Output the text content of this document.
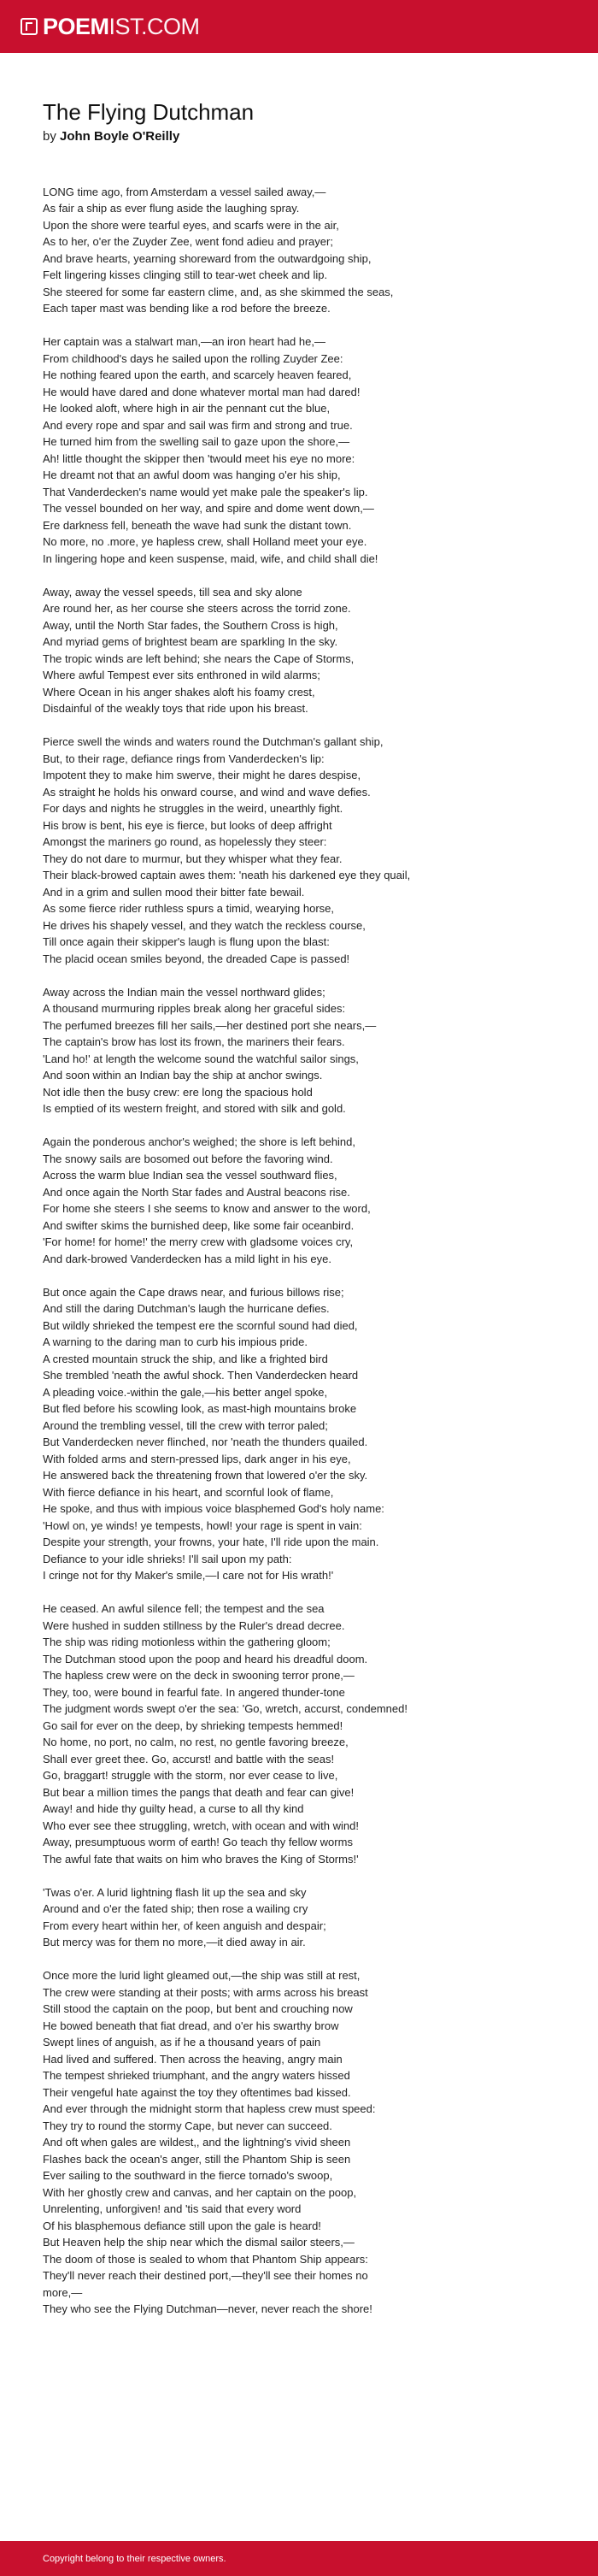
POEMIST.COM
The Flying Dutchman
by John Boyle O'Reilly
LONG time ago, from Amsterdam a vessel sailed away,—
As fair a ship as ever flung aside the laughing spray.
Upon the shore were tearful eyes, and scarfs were in the air,
As to her, o'er the Zuyder Zee, went fond adieu and prayer;
And brave hearts, yearning shoreward from the outwardgoing ship,
Felt lingering kisses clinging still to tear-wet cheek and lip.
She steered for some far eastern clime, and, as she skimmed the seas,
Each taper mast was bending like a rod before the breeze.
Her captain was a stalwart man,—an iron heart had he,—
From childhood's days he sailed upon the rolling Zuyder Zee:
He nothing feared upon the earth, and scarcely heaven feared,
He would have dared and done whatever mortal man had dared!
He looked aloft, where high in air the pennant cut the blue,
And every rope and spar and sail was firm and strong and true.
He turned him from the swelling sail to gaze upon the shore,—
Ah! little thought the skipper then 'twould meet his eye no more:
He dreamt not that an awful doom was hanging o'er his ship,
That Vanderdecken's name would yet make pale the speaker's lip.
The vessel bounded on her way, and spire and dome went down,—
Ere darkness fell, beneath the wave had sunk the distant town.
No more, no .more, ye hapless crew, shall Holland meet your eye.
In lingering hope and keen suspense, maid, wife, and child shall die!
Away, away the vessel speeds, till sea and sky alone
Are round her, as her course she steers across the torrid zone.
Away, until the North Star fades, the Southern Cross is high,
And myriad gems of brightest beam are sparkling In the sky.
The tropic winds are left behind; she nears the Cape of Storms,
Where awful Tempest ever sits enthroned in wild alarms;
Where Ocean in his anger shakes aloft his foamy crest,
Disdainful of the weakly toys that ride upon his breast.
Pierce swell the winds and waters round the Dutchman's gallant ship,
But, to their rage, defiance rings from Vanderdecken's lip:
Impotent they to make him swerve, their might he dares despise,
As straight he holds his onward course, and wind and wave defies.
For days and nights he struggles in the weird, unearthly fight.
His brow is bent, his eye is fierce, but looks of deep affright
Amongst the mariners go round, as hopelessly they steer:
They do not dare to murmur, but they whisper what they fear.
Their black-browed captain awes them: 'neath his darkened eye they quail,
And in a grim and sullen mood their bitter fate bewail.
As some fierce rider ruthless spurs a timid, wearying horse,
He drives his shapely vessel, and they watch the reckless course,
Till once again their skipper's laugh is flung upon the blast:
The placid ocean smiles beyond, the dreaded Cape is passed!
Away across the Indian main the vessel northward glides;
A thousand murmuring ripples break along her graceful sides:
The perfumed breezes fill her sails,—her destined port she nears,—
The captain's brow has lost its frown, the mariners their fears.
'Land ho!' at length the welcome sound the watchful sailor sings,
And soon within an Indian bay the ship at anchor swings.
Not idle then the busy crew: ere long the spacious hold
Is emptied of its western freight, and stored with silk and gold.
Again the ponderous anchor's weighed; the shore is left behind,
The snowy sails are bosomed out before the favoring wind.
Across the warm blue Indian sea the vessel southward flies,
And once again the North Star fades and Austral beacons rise.
For home she steers I she seems to know and answer to the word,
And swifter skims the burnished deep, like some fair oceanbird.
'For home! for home!' the merry crew with gladsome voices cry,
And dark-browed Vanderdecken has a mild light in his eye.
But once again the Cape draws near, and furious billows rise;
And still the daring Dutchman's laugh the hurricane defies.
But wildly shrieked the tempest ere the scornful sound had died,
A warning to the daring man to curb his impious pride.
A crested mountain struck the ship, and like a frighted bird
She trembled 'neath the awful shock. Then Vanderdecken heard
A pleading voice.-within the gale,—his better angel spoke,
But fled before his scowling look, as mast-high mountains broke
Around the trembling vessel, till the crew with terror paled;
But Vanderdecken never flinched, nor 'neath the thunders quailed.
With folded arms and stern-pressed lips, dark anger in his eye,
He answered back the threatening frown that lowered o'er the sky.
With fierce defiance in his heart, and scornful look of flame,
He spoke, and thus with impious voice blasphemed God's holy name:
'Howl on, ye winds! ye tempests, howl! your rage is spent in vain:
Despite your strength, your frowns, your hate, I'll ride upon the main.
Defiance to your idle shrieks! I'll sail upon my path:
I cringe not for thy Maker's smile,—I care not for His wrath!'
He ceased. An awful silence fell; the tempest and the sea
Were hushed in sudden stillness by the Ruler's dread decree.
The ship was riding motionless within the gathering gloom;
The Dutchman stood upon the poop and heard his dreadful doom.
The hapless crew were on the deck in swooning terror prone,—
They, too, were bound in fearful fate. In angered thunder-tone
The judgment words swept o'er the sea: 'Go, wretch, accurst, condemned!
Go sail for ever on the deep, by shrieking tempests hemmed!
No home, no port, no calm, no rest, no gentle favoring breeze,
Shall ever greet thee. Go, accurst! and battle with the seas!
Go, braggart! struggle with the storm, nor ever cease to live,
But bear a million times the pangs that death and fear can give!
Away! and hide thy guilty head, a curse to all thy kind
Who ever see thee struggling, wretch, with ocean and with wind!
Away, presumptuous worm of earth! Go teach thy fellow worms
The awful fate that waits on him who braves the King of Storms!'
'Twas o'er. A lurid lightning flash lit up the sea and sky
Around and o'er the fated ship; then rose a wailing cry
From every heart within her, of keen anguish and despair;
But mercy was for them no more,—it died away in air.
Once more the lurid light gleamed out,—the ship was still at rest,
The crew were standing at their posts; with arms across his breast
Still stood the captain on the poop, but bent and crouching now
He bowed beneath that fiat dread, and o'er his swarthy brow
Swept lines of anguish, as if he a thousand years of pain
Had lived and suffered. Then across the heaving, angry main
The tempest shrieked triumphant, and the angry waters hissed
Their vengeful hate against the toy they oftentimes bad kissed.
And ever through the midnight storm that hapless crew must speed:
They try to round the stormy Cape, but never can succeed.
And oft when gales are wildest,, and the lightning's vivid sheen
Flashes back the ocean's anger, still the Phantom Ship is seen
Ever sailing to the southward in the fierce tornado's swoop,
With her ghostly crew and canvas, and her captain on the poop,
Unrelenting, unforgiven! and 'tis said that every word
Of his blasphemous defiance still upon the gale is heard!
But Heaven help the ship near which the dismal sailor steers,—
The doom of those is sealed to whom that Phantom Ship appears:
They'll never reach their destined port,—they'll see their homes no
more,—
They who see the Flying Dutchman—never, never reach the shore!
Copyright belong to their respective owners.
